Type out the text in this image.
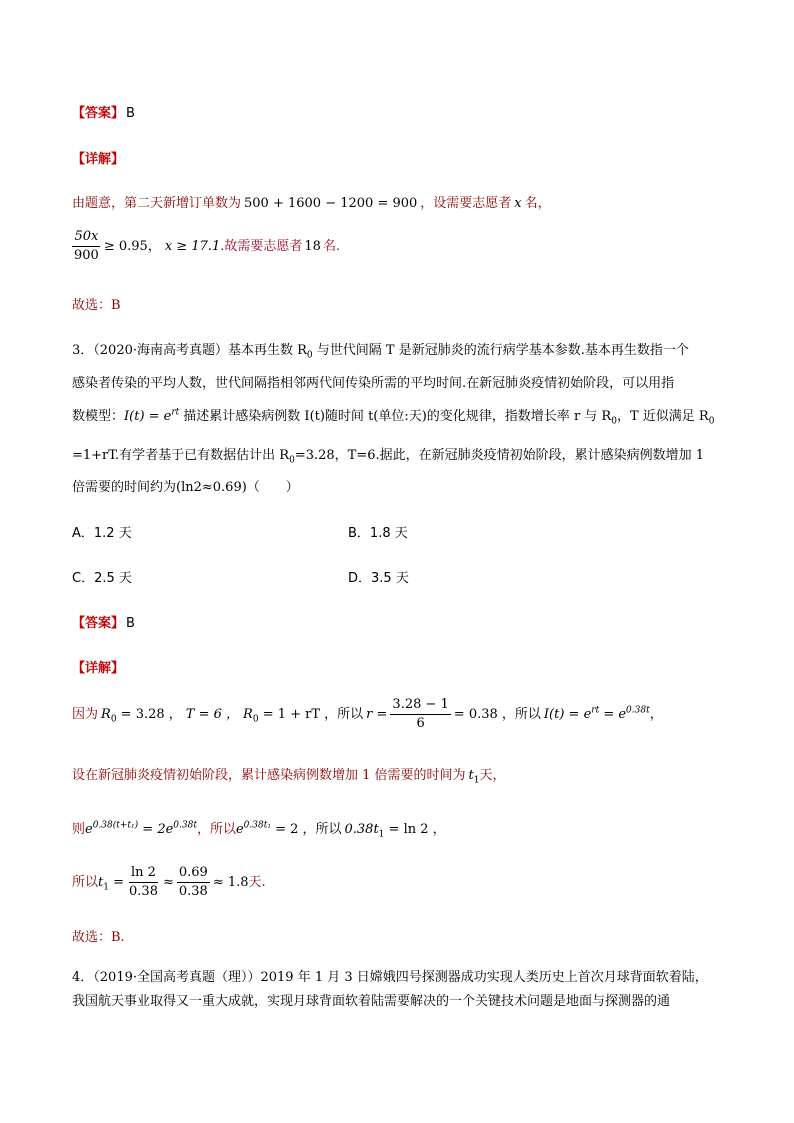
【答案】 B
【详解】
由题意，第二天新增订单数为 500 + 1600 − 1200 = 900 ，设需要志愿者 x 名，
$\frac{50x}{900} \ge 0.95$， x ≥ 17.1.故需要志愿者 18 名.
故选：B
3．（2020·海南高考真题）基本再生数 $R_0$ 与世代间隔 T 是新冠肺炎的流行病学基本参数.基本再生数指一个
感染者传染的平均人数，世代间隔指相邻两代间传染所需的平均时间.在新冠肺炎疫情初始阶段，可以用指
数模型：$I(t) = e^{rt}$ 描述累计感染病例数 I(t)随时间 t(单位:天)的变化规律，指数增长率 r 与 $R_0$，T 近似满足 $R_0$
=1+rT.有学者基于已有数据估计出 $R_0=3.28$，T=6.据此，在新冠肺炎疫情初始阶段，累计感染病例数增加 1
倍需要的时间约为(ln2≈0.69)（　　）
A．1.2 天	B．1.8 天
C．2.5 天	D．3.5 天
【答案】 B
【详解】
因为 $R_0 = 3.28$ ， T = 6 ， $R_0 = 1$ + rT ，所以 $r = \frac{3.28 - 1}{6} = 0.38$ ，所以 $I(t) = e^{rt} = e^{0.38t}$，
设在新冠肺炎疫情初始阶段，累计感染病例数增加 1 倍需要的时间为 $t_1$天，
则$e^{0.38(t+t_1)} = 2e^{0.38t}$，所以$e^{0.38t_1} = 2$ ，所以 $0.38t_1 = \ln 2$ ，
所以$t_1 = \frac{\ln 2}{0.38} \approx \frac{0.69}{0.38} \approx 1.8$天.
故选：B.
4．（2019·全国高考真题（理））2019 年 1 月 3 日嫦娥四号探测器成功实现人类历史上首次月球背面软着陆，
我国航天事业取得又一重大成就，实现月球背面软着陆需要解决的一个关键技术问题是地面与探测器的通
